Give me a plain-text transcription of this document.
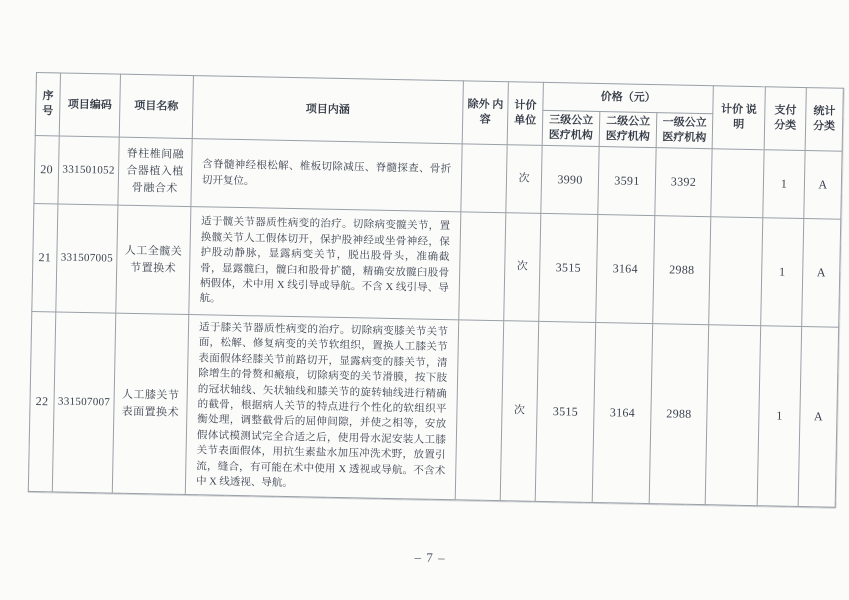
序 号	项目编码	项目名称	项目内涵	除外 内容	计价 单位	价格（元）			计价 说明	支付 分类	统计 分类
						三级公立 医疗机构	二级公立 医疗机构	一级公立 医疗机构			
20	331501052	脊柱椎间融合器植入植骨融合术	含脊髓神经根松解、椎板切除减压、脊髓探查、骨折切开复位。		次	3990	3591	3392		1	A
21	331507005	人工全髋关节置换术	适于髋关节器质性病变的治疗。切除病变髋关节，置换髋关节人工假体切开，保护股神经或坐骨神经，保护股动静脉，显露病变关节，脱出股骨头，准确截骨，显露髋臼，髋臼和股骨扩髓，精确安放髋臼股骨柄假体，术中用 X 线引导或导航。不含 X 线引导、导航。		次	3515	3164	2988		1	A
22	331507007	人工膝关节表面置换术	适于膝关节器质性病变的治疗。切除病变膝关节关节面，松解、修复病变的关节软组织，置换人工膝关节表面假体经膝关节前路切开，显露病变的膝关节，清除增生的骨赘和瘢痕，切除病变的关节滑膜，按下肢的冠状轴线、矢状轴线和膝关节的旋转轴线进行精确的截骨，根据病人关节的特点进行个性化的软组织平衡处理，调整截骨后的屈伸间隙，并使之相等，安放假体试模测试完全合适之后，使用骨水泥安装人工膝关节表面假体，用抗生素盐水加压冲洗术野，放置引流，缝合，有可能在术中使用 X 透视或导航。不含术中 X 线透视、导航。		次	3515	3164	2988		1	A
– 7 –
